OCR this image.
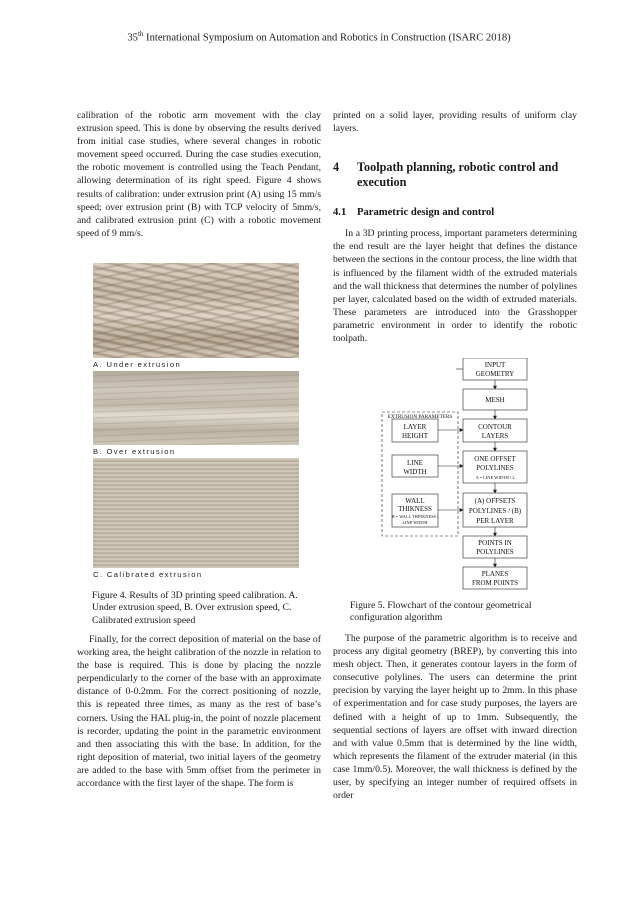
35th International Symposium on Automation and Robotics in Construction (ISARC 2018)

calibration of the robotic arm movement with the clay extrusion speed. This is done by observing the results derived from initial case studies, where several changes in robotic movement speed occurred. During the case studies execution, the robotic movement is controlled using the Teach Pendant, allowing determination of its right speed. Figure 4 shows results of calibration: under extrusion print (A) using 15 mm/s speed; over extrusion print (B) with TCP velocity of 5mm/s, and calibrated extrusion print (C) with a robotic movement speed of 9 mm/s.

A. Under extrusion
B. Over extrusion
C. Calibrated extrusion
Figure 4. Results of 3D printing speed calibration. A. Under extrusion speed, B. Over extrusion speed, C. Calibrated extrusion speed

Finally, for the correct deposition of material on the base of working area, the height calibration of the nozzle in relation to the base is required. This is done by placing the nozzle perpendicularly to the corner of the base with an approximate distance of 0-0.2mm. For the correct positioning of nozzle, this is repeated three times, as many as the rest of base’s corners. Using the HAL plug-in, the point of nozzle placement is recorder, updating the point in the parametric environment and then associating this with the base. In addition, for the right deposition of material, two initial layers of the geometry are added to the base with 5mm offset from the perimeter in accordance with the first layer of the shape. The form is

printed on a solid layer, providing results of uniform clay layers.

4 Toolpath planning, robotic control and execution
4.1 Parametric design and control

In a 3D printing process, important parameters determining the end result are the layer height that defines the distance between the sections in the contour process, the line width that is influenced by the filament width of the extruded materials and the wall thickness that determines the number of polylines per layer, calculated based on the width of extruded materials. These parameters are introduced into the Grasshopper parametric environment in order to identify the robotic toolpath.

EXTRUSION PARAMETERS
INPUT
GEOMETRY
MESH
CONTOUR
LAYERS
ONE OFFSET
POLYLINES
A = LINE WIDTH / 2
(A) OFFSETS
POLYLINES / (B)
PER LAYER
POINTS IN
POLYLINES
PLANES
FROM POINTS
LAYER
HEIGHT
LINE
WIDTH
WALL
THIKNESS
B = WALL THINKNESS /
LINE WIDTH
Figure 5. Flowchart of the contour geometrical configuration algorithm

The purpose of the parametric algorithm is to receive and process any digital geometry (BREP), by converting this into mesh object. Then, it generates contour layers in the form of consecutive polylines. The users can determine the print precision by varying the layer height up to 2mm. In this phase of experimentation and for case study purposes, the layers are defined with a height of up to 1mm. Subsequently, the sequential sections of layers are offset with inward direction and with value 0.5mm that is determined by the line width, which represents the filament of the extruder material (in this case 1mm/0.5). Moreover, the wall thickness is defined by the user, by specifying an integer number of required offsets in order
